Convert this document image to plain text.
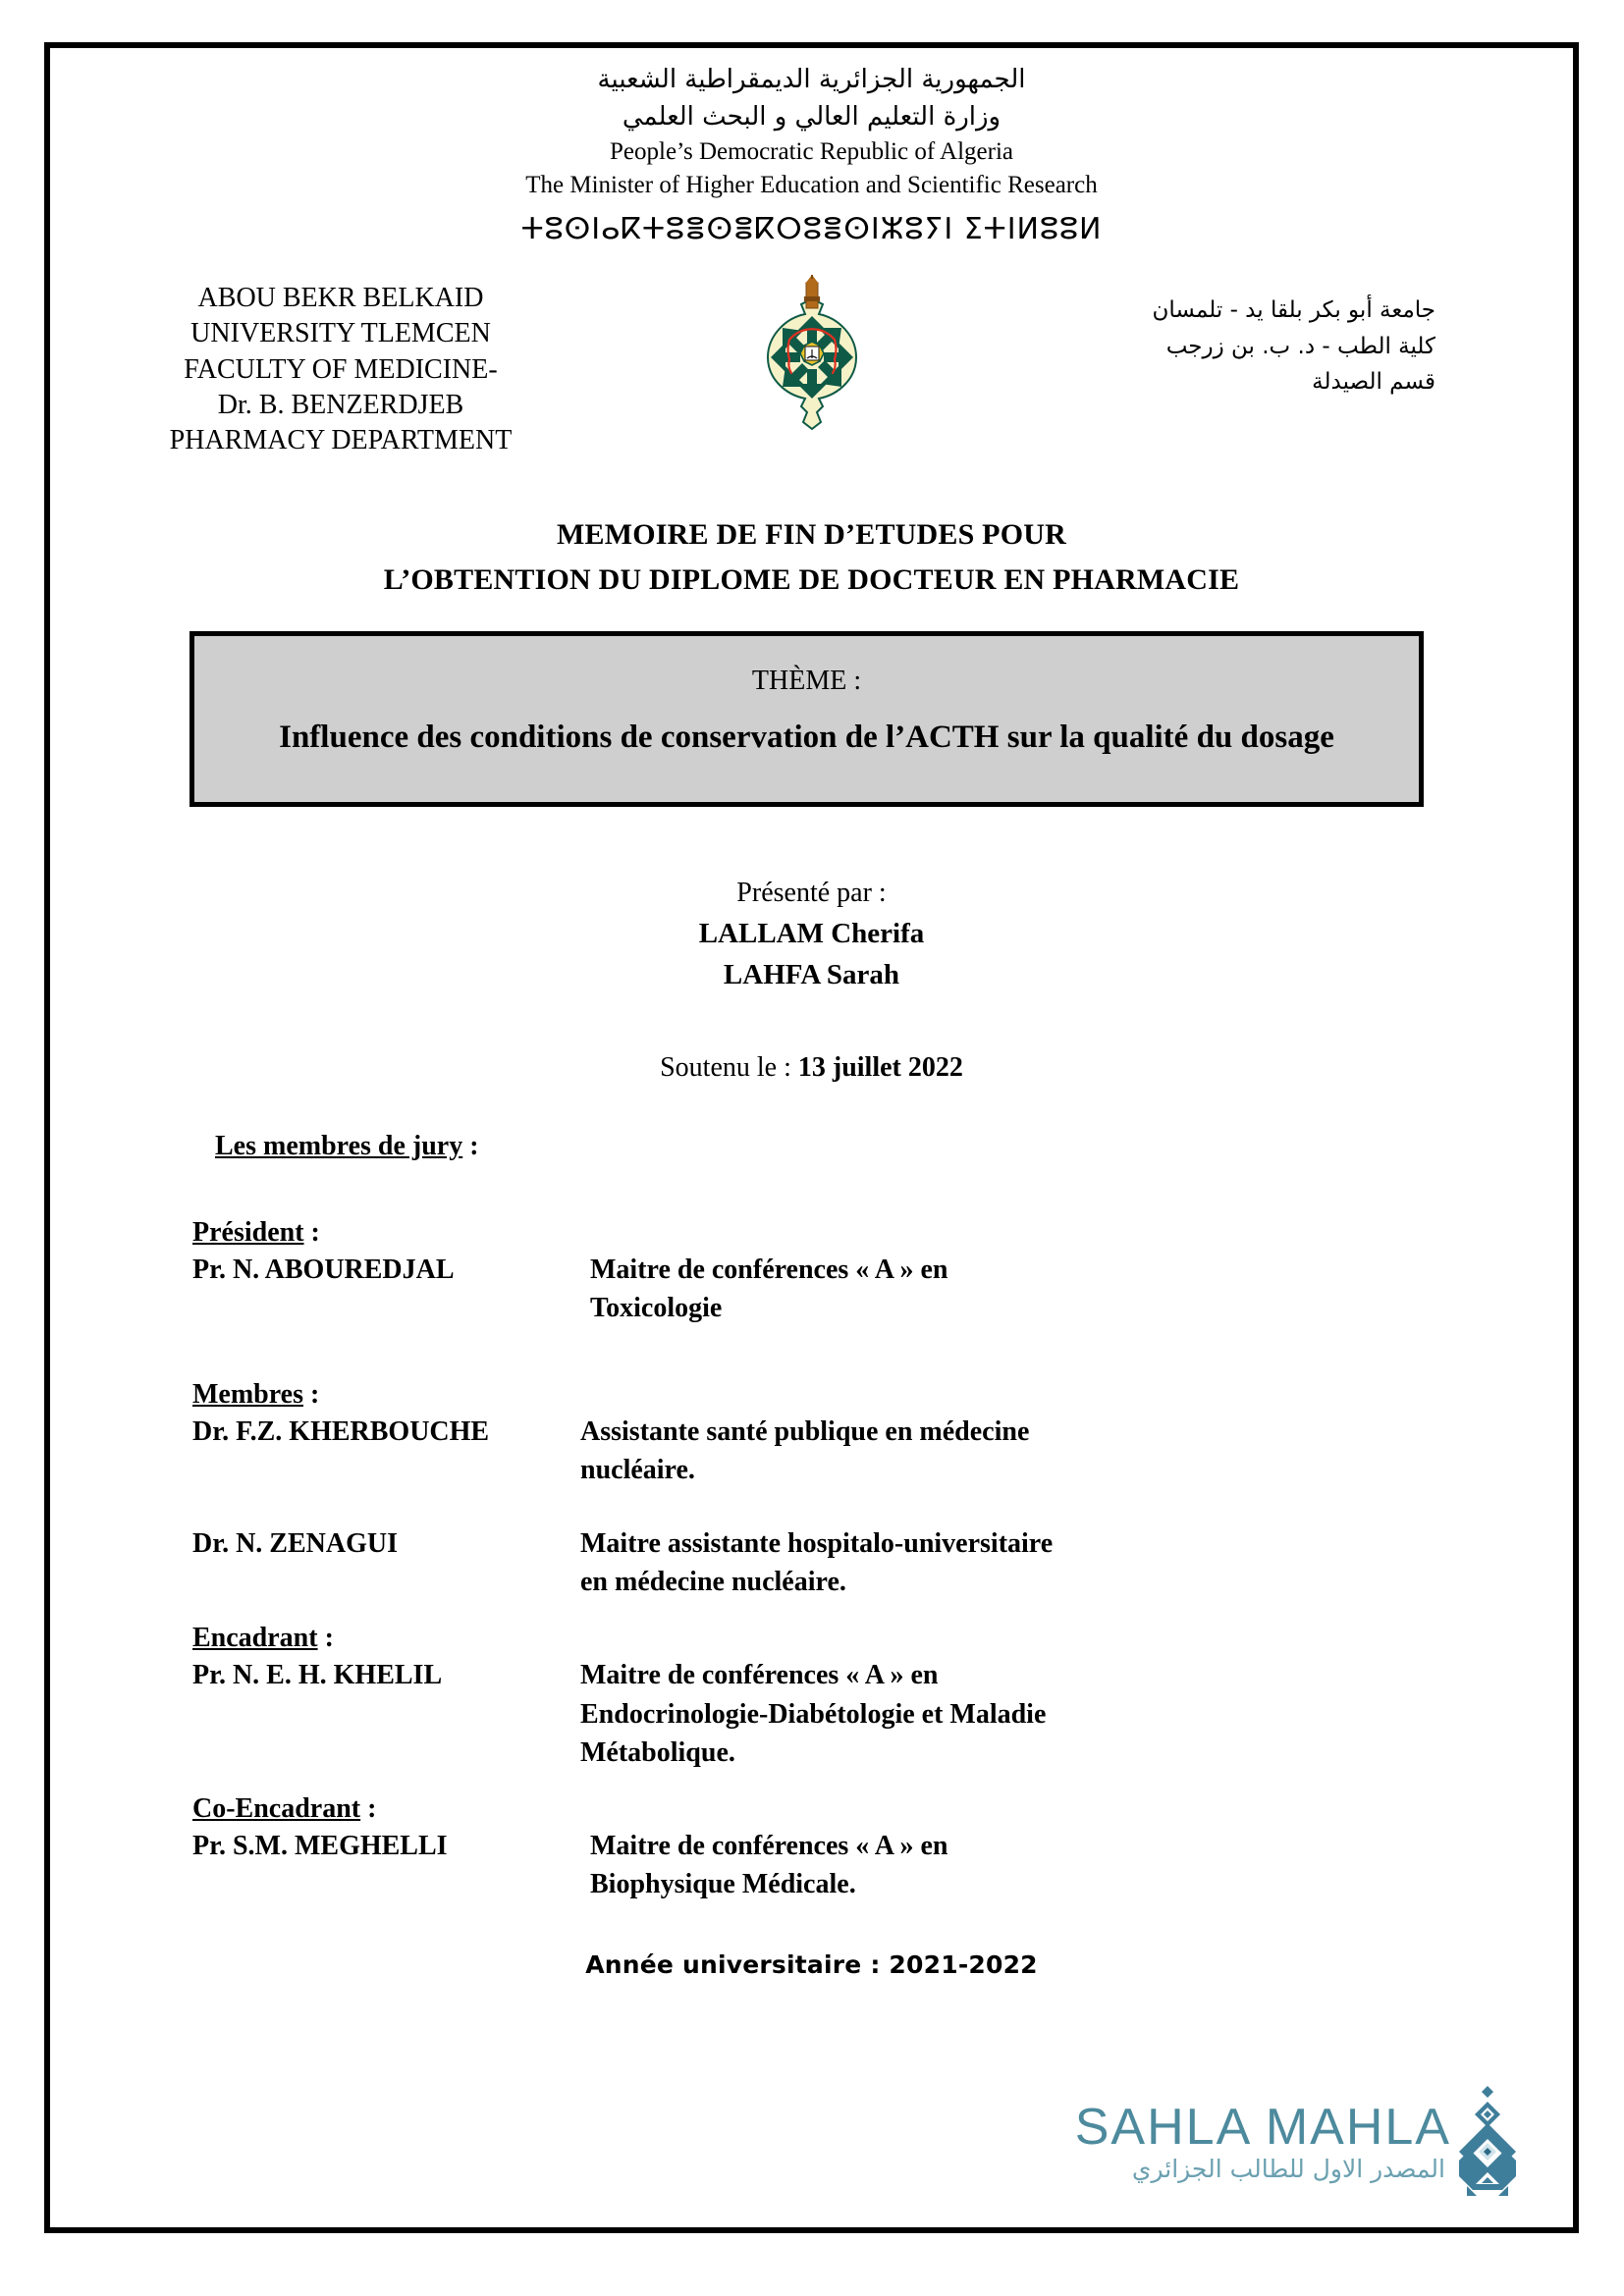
الجمهورية الجزائرية الديمقراطية الشعبية
وزارة التعليم العالي و البحث العلمي
People’s Democratic Republic of Algeria
The Minister of Higher Education and Scientific Research
ⵜⵓⵙⵏⴰⴽⵜⵓⴻⵙⴻⴽⵔⵓⴻⵙⵏⵣⵓⵢⵏ ⵉⵜⵏⵍⵓⵓⵍ
ABOU BEKR BELKAID
UNIVERSITY TLEMCEN
FACULTY OF MEDICINE-
Dr. B. BENZERDJEB
PHARMACY DEPARTMENT
جامعة أبو بكر بلقا يد - تلمسان
كلية الطب - د. ب. بن زرجب
قسم الصيدلة
MEMOIRE DE FIN D’ETUDES POUR
L’OBTENTION DU DIPLOME DE DOCTEUR EN PHARMACIE
THÈME :
Influence des conditions de conservation de l’ACTH sur la qualité du dosage
Présenté par :
LALLAM Cherifa
LAHFA Sarah
Soutenu le : 13 juillet 2022
Les membres de jury :
Président :
Pr. N. ABOUREDJAL	Maitre de conférences « A » en
Toxicologie
Membres :
Dr. F.Z. KHERBOUCHE	Assistante santé publique en médecine
nucléaire.
Dr. N. ZENAGUI	Maitre assistante hospitalo-universitaire
en médecine nucléaire.
Encadrant :
Pr. N. E. H. KHELIL	Maitre de conférences « A » en
Endocrinologie-Diabétologie et Maladie
Métabolique.
Co-Encadrant :
Pr. S.M. MEGHELLI	Maitre de conférences « A » en
Biophysique Médicale.
Année universitaire : 2021-2022
SAHLA MAHLA
المصدر الاول للطالب الجزائري
